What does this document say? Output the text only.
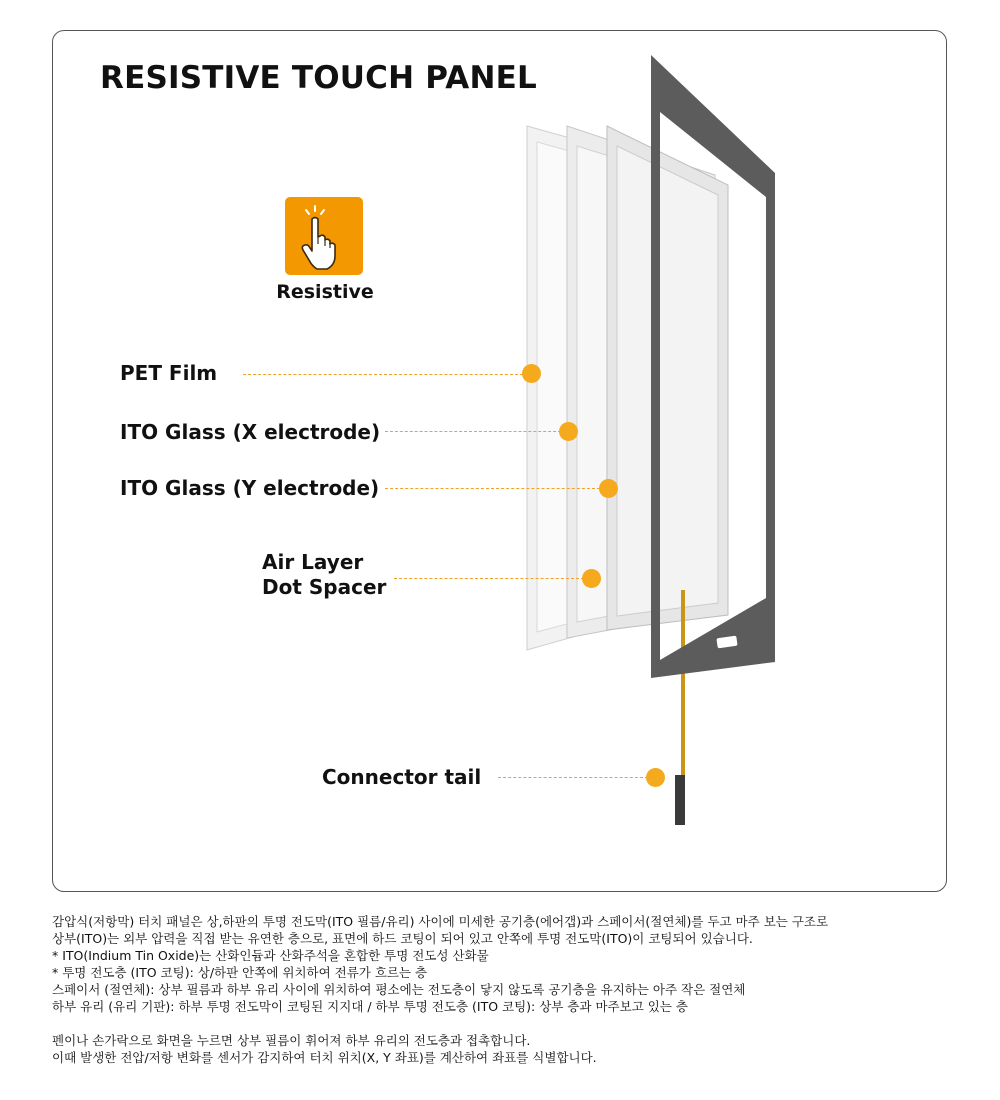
RESISTIVE TOUCH PANEL
Resistive
PET Film
ITO Glass (X electrode)
ITO Glass (Y electrode)
Air Layer
Dot Spacer
Connector tail

감압식(저항막) 터치 패널은 상,하판의 투명 전도막(ITO 필름/유리) 사이에 미세한 공기층(에어갭)과 스페이서(절연체)를 두고 마주 보는 구조로

상부(ITO)는 외부 압력을 직접 받는 유연한 층으로, 표면에 하드 코팅이 되어 있고 안쪽에 투명 전도막(ITO)이 코팅되어 있습니다.

* ITO(Indium Tin Oxide)는 산화인듐과 산화주석을 혼합한 투명 전도성 산화물

* 투명 전도층 (ITO 코팅): 상/하판 안쪽에 위치하여 전류가 흐르는 층

스페이서 (절연체): 상부 필름과 하부 유리 사이에 위치하여 평소에는 전도층이 닿지 않도록 공기층을 유지하는 아주 작은 절연체

하부 유리 (유리 기판): 하부 투명 전도막이 코팅된 지지대 / 하부 투명 전도층 (ITO 코팅): 상부 층과 마주보고 있는 층

펜이나 손가락으로 화면을 누르면 상부 필름이 휘어져 하부 유리의 전도층과 접촉합니다.

이때 발생한 전압/저항 변화를 센서가 감지하여 터치 위치(X, Y 좌표)를 계산하여 좌표를 식별합니다.
